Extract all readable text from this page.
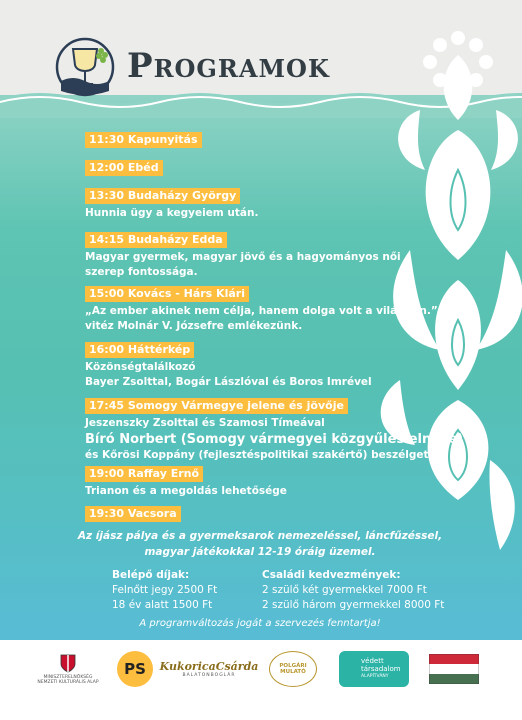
Programok
11:30 Kapunyitás
12:00 Ebéd
13:30 Budaházy György
Hunnia ügy a kegyeiem után.
14:15 Budaházy Edda
Magyar gyermek, magyar jövő és a hagyományos női
szerep fontossága.
15:00 Kovács - Hárs Klári
„Az ember akinek nem célja, hanem dolga volt a világban.”
vitéz Molnár V. Józsefre emlékezünk.
16:00 Háttérkép
Közönségtalálkozó
Bayer Zsolttal, Bogár Lászlóval és Boros Imrével
17:45 Somogy Vármegye jelene és jövője
Jeszenszky Zsolttal és Szamosi Tímeával
Bíró Norbert (Somogy vármegyei közgyűlés elnöke)
és Kőrösi Koppány (fejlesztéspolitikai szakértő) beszélget.
19:00 Raffay Ernő
Trianon és a megoldás lehetősége
19:30 Vacsora
Az íjász pálya és a gyermeksarok nemezeléssel, láncfűzéssel,
magyar játékokkal 12-19 óráig üzemel.
Belépő díjak:
Felnőtt jegy 2500 Ft
18 év alatt 1500 Ft
Családi kedvezmények:
2 szülő két gyermekkel 7000 Ft
2 szülő három gyermekkel 8000 Ft
A programváltozás jogát a szervezés fenntartja!
MINISZTERELNÖKSÉG
NEMZETI KULTURÁLIS ALAP
PS	KukoricaCsárda
BALATONBOGLÁR
POLGÁRI MULATÓ
védett
társadalom
ALAPÍTVÁNY
